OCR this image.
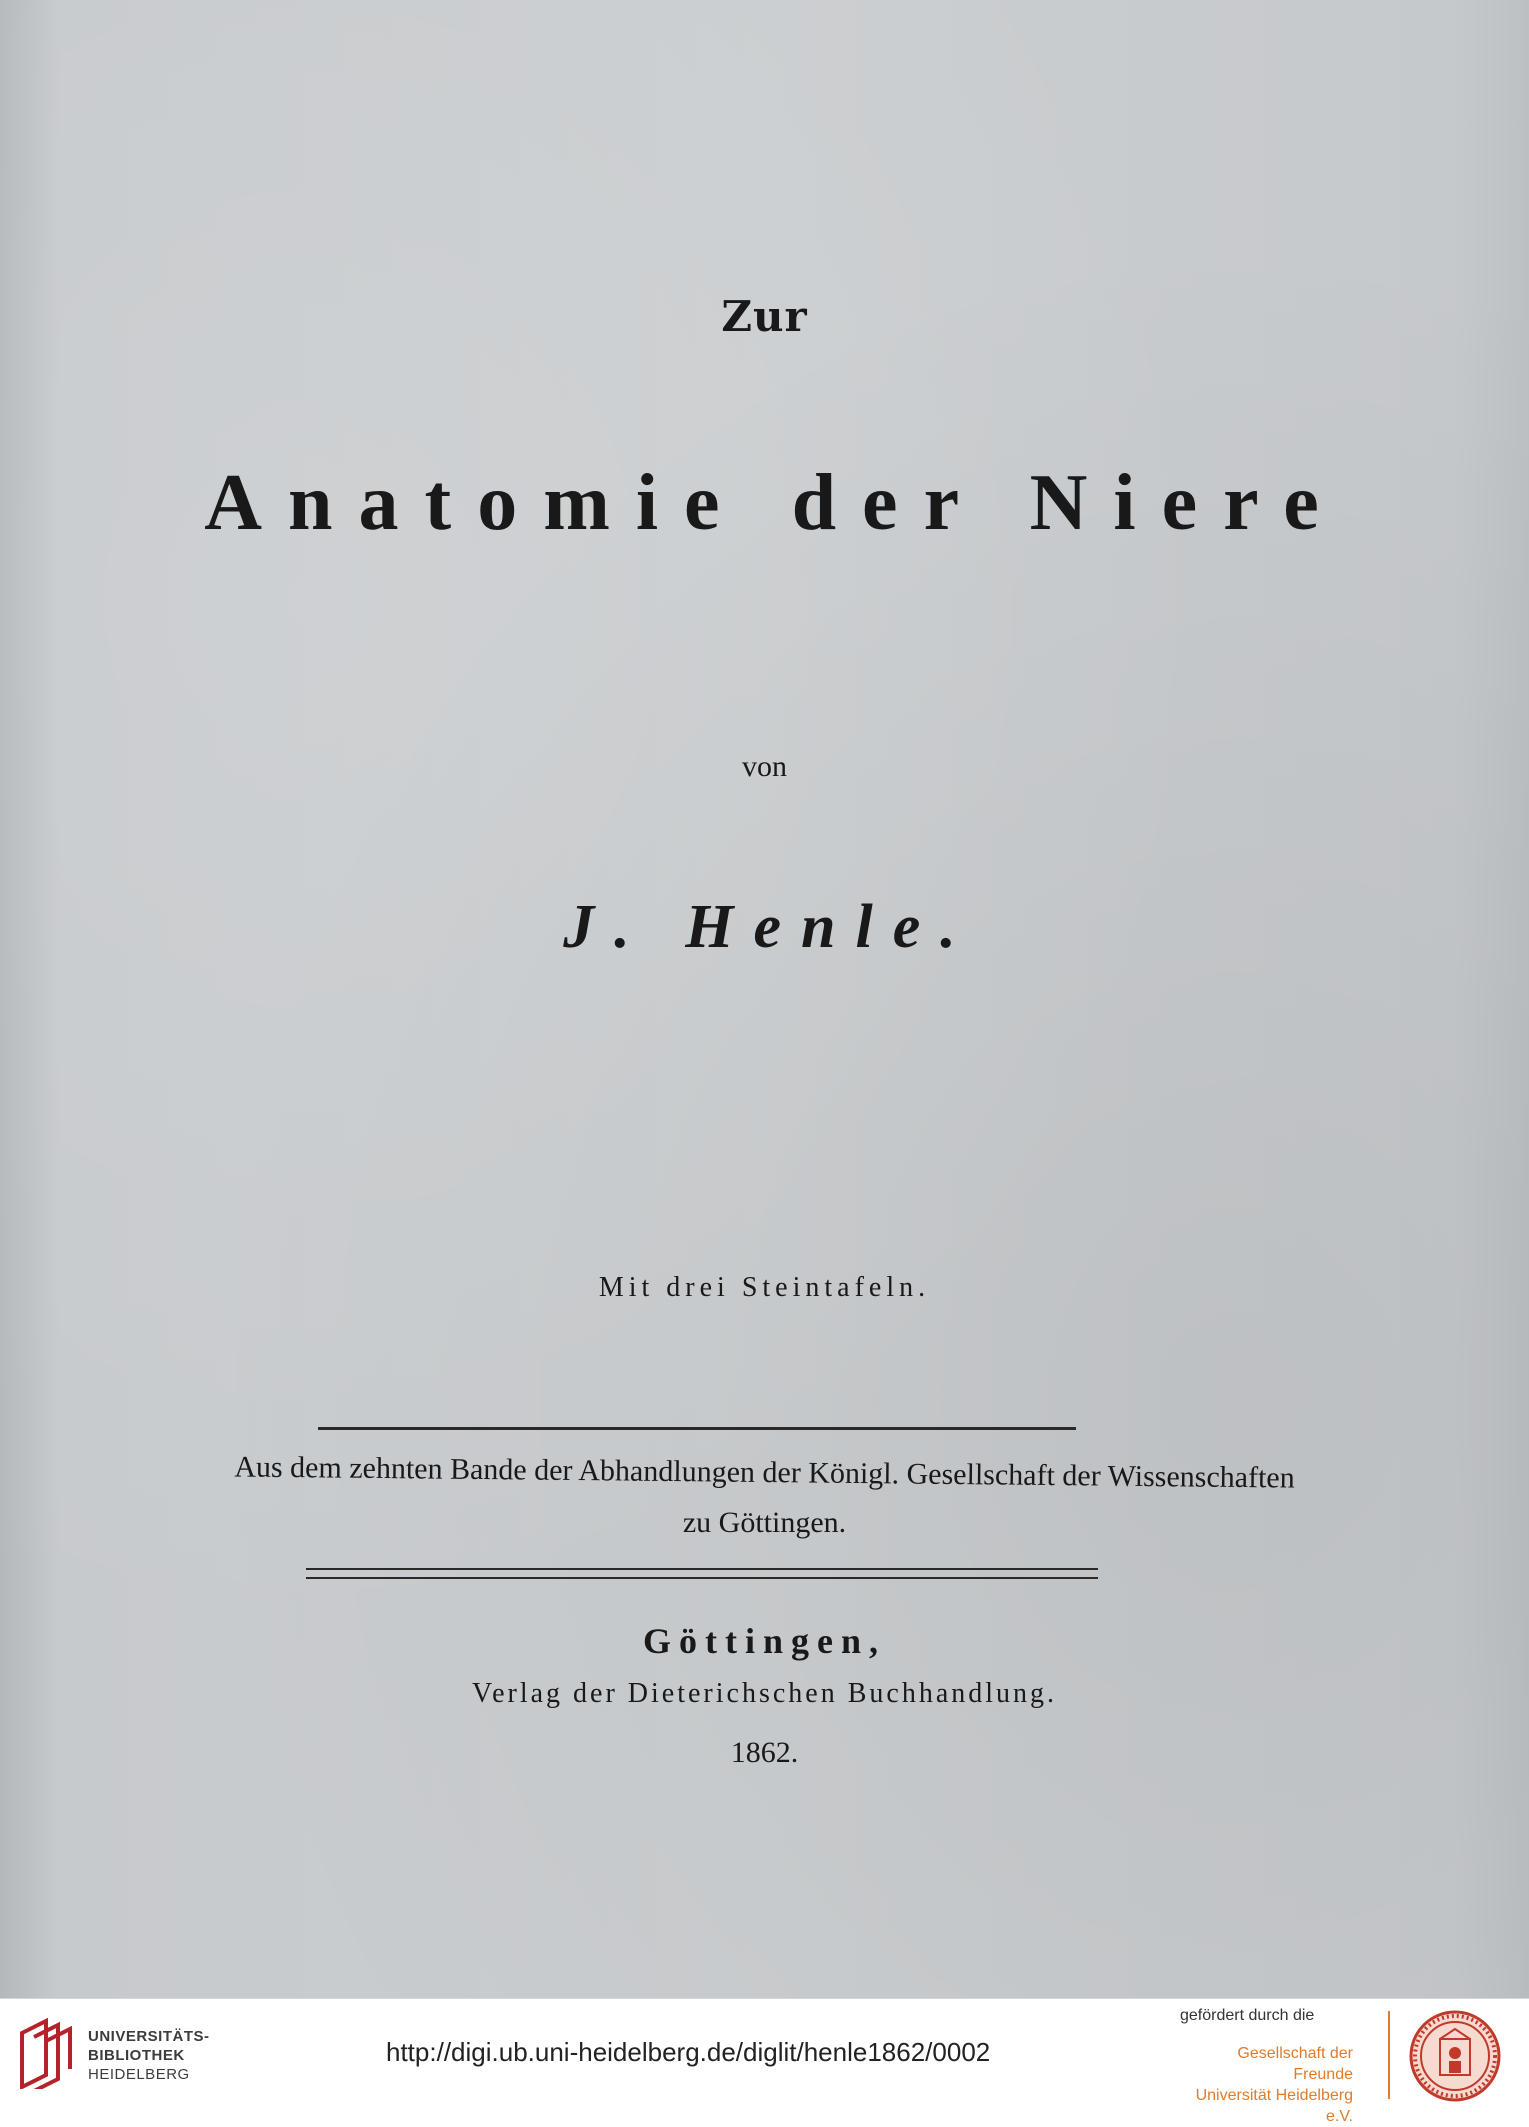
Zur
Anatomie der Niere
von
J. Henle.
Mit drei Steintafeln.
Aus dem zehnten Bande der Abhandlungen der Königl. Gesellschaft der Wissenschaften
zu Göttingen.
Göttingen,
Verlag der Dieterichschen Buchhandlung.
1862.
UNIVERSITÄTS-
BIBLIOTHEK
HEIDELBERG
http://digi.ub.uni-heidelberg.de/diglit/henle1862/0002
gefördert durch die
Gesellschaft der Freunde
Universität Heidelberg e.V.
